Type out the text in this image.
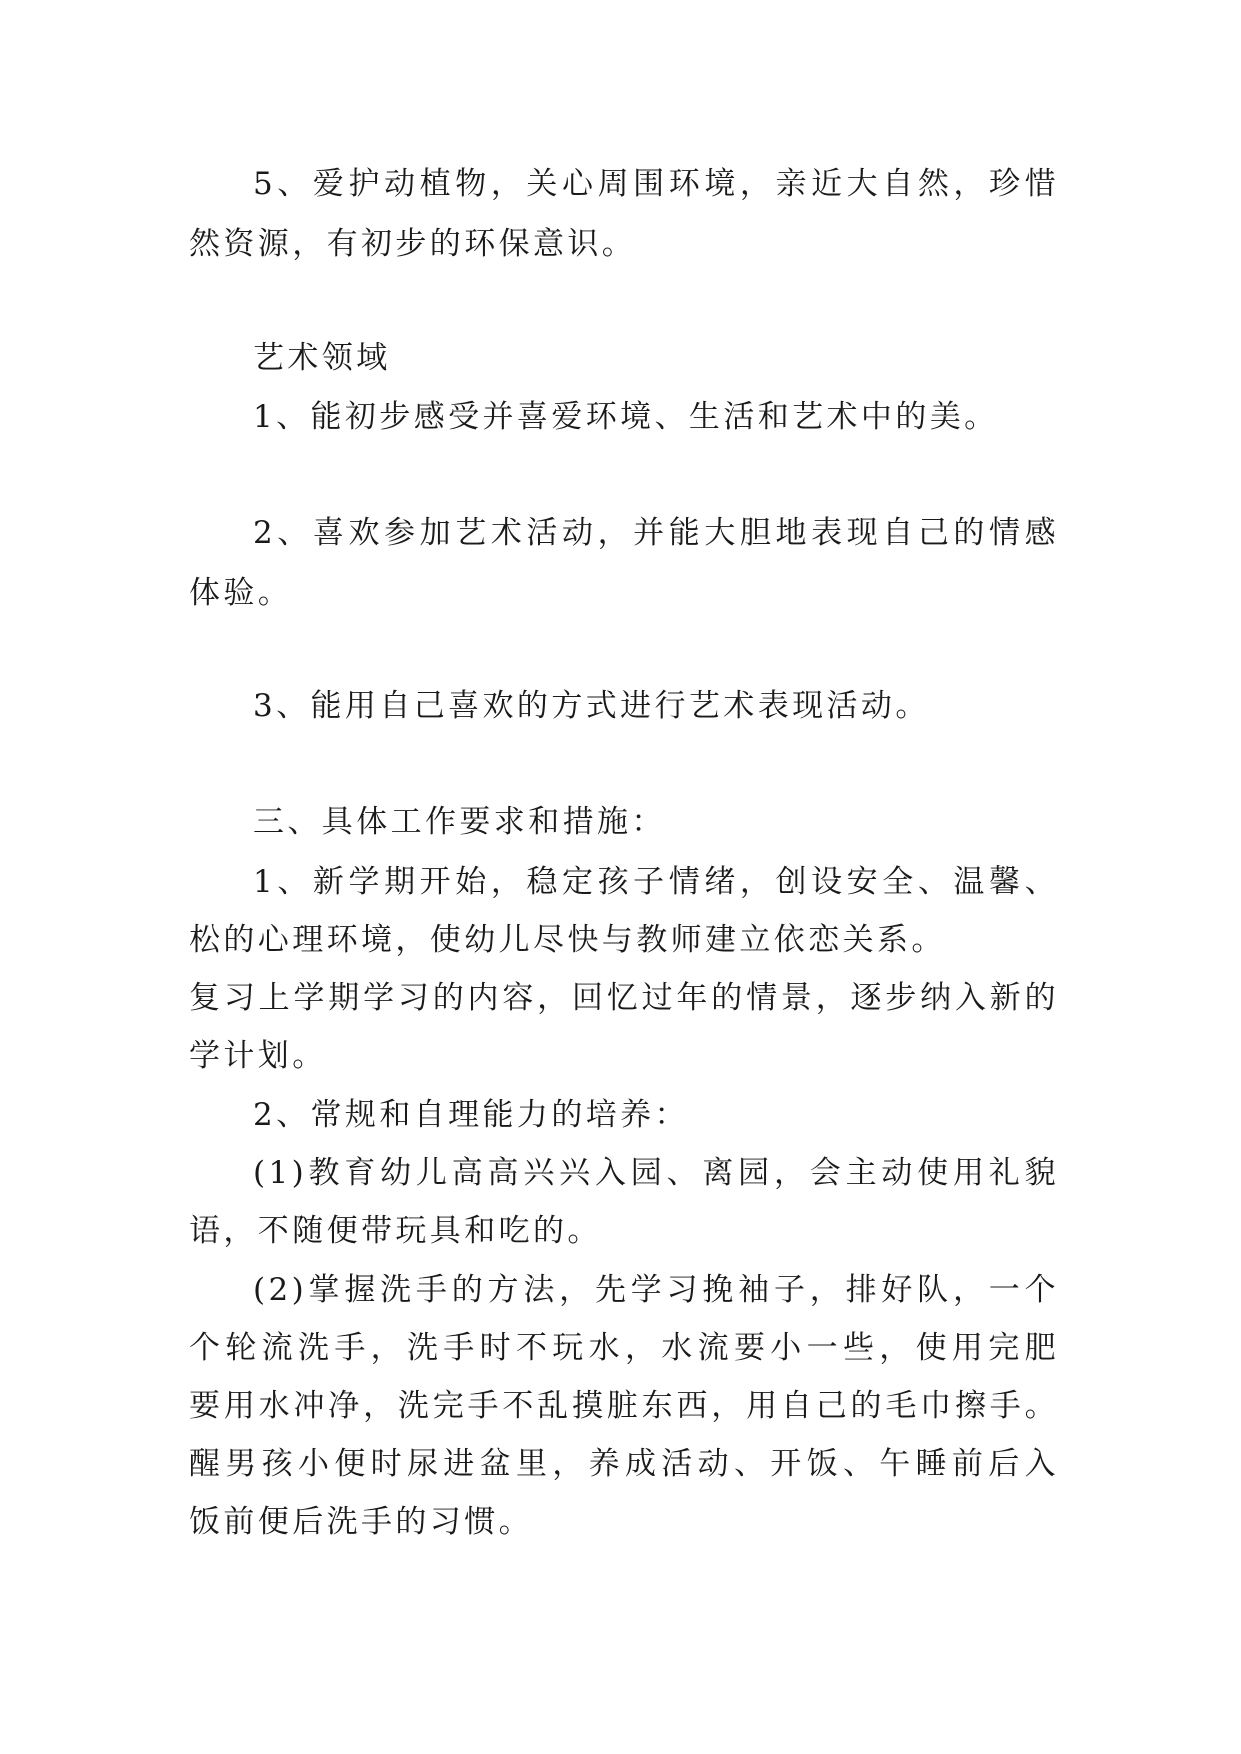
5、爱护动植物，关心周围环境，亲近大自然，珍惜
然资源，有初步的环保意识。
艺术领域
1、能初步感受并喜爱环境、生活和艺术中的美。
2、喜欢参加艺术活动，并能大胆地表现自己的情感
体验。
3、能用自己喜欢的方式进行艺术表现活动。
三、具体工作要求和措施：
1、新学期开始，稳定孩子情绪，创设安全、温馨、
松的心理环境，使幼儿尽快与教师建立依恋关系。
复习上学期学习的内容，回忆过年的情景，逐步纳入新的
学计划。
2、常规和自理能力的培养：
(1)教育幼儿高高兴兴入园、离园，会主动使用礼貌
语，不随便带玩具和吃的。
(2)掌握洗手的方法，先学习挽袖子，排好队，一个
个轮流洗手，洗手时不玩水，水流要小一些，使用完肥
要用水冲净，洗完手不乱摸脏东西，用自己的毛巾擦手。
醒男孩小便时尿进盆里，养成活动、开饭、午睡前后入
饭前便后洗手的习惯。
